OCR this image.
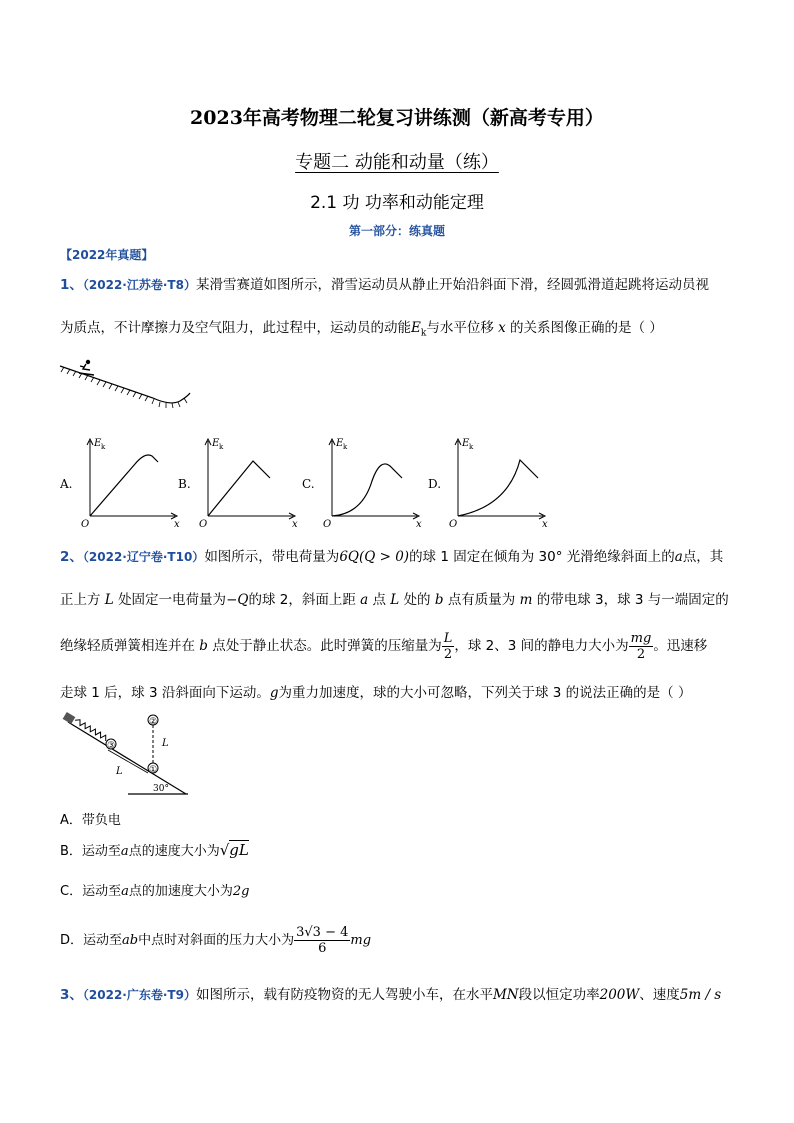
2023年高考物理二轮复习讲练测（新高考专用）
专题二 动能和动量（练）
2.1 功 功率和动能定理
第一部分：练真题
【2022年真题】
1、（2022·江苏卷·T8）某滑雪赛道如图所示，滑雪运动员从静止开始沿斜面下滑，经圆弧滑道起跳将运动员视
为质点，不计摩擦力及空气阻力，此过程中，运动员的动能$E_k$与水平位移 x 的关系图像正确的是（ ）
A.
E k
x
O
B.
E k
x
O
C.
E k
x
O
D.
E k
x
O
2、（2022·辽宁卷·T10）如图所示，带电荷量为6Q(Q > 0)的球 1 固定在倾角为 30° 光滑绝缘斜面上的a点，其
正上方 L 处固定一电荷量为−Q的球 2，斜面上距 a 点 L 处的 b 点有质量为 m 的带电球 3，球 3 与一端固定的
绝缘轻质弹簧相连并在 b 点处于静止状态。此时弹簧的压缩量为 $\frac{L}{2}$ ，球 2、3 间的静电力大小为 $\frac{mg}{2}$ 。迅速移
走球 1 后，球 3 沿斜面向下运动。g为重力加速度，球的大小可忽略，下列关于球 3 的说法正确的是（ ）
②
③
①
L
L
30°
A．带负电
B．运动至a点的速度大小为√gL
C．运动至a点的加速度大小为2g
D．运动至ab中点时对斜面的压力大小为 $\frac{3√3 - 4}{6}$ mg
3、（2022·广东卷·T9）如图所示，载有防疫物资的无人驾驶小车，在水平MN段以恒定功率200W、速度5m / s
